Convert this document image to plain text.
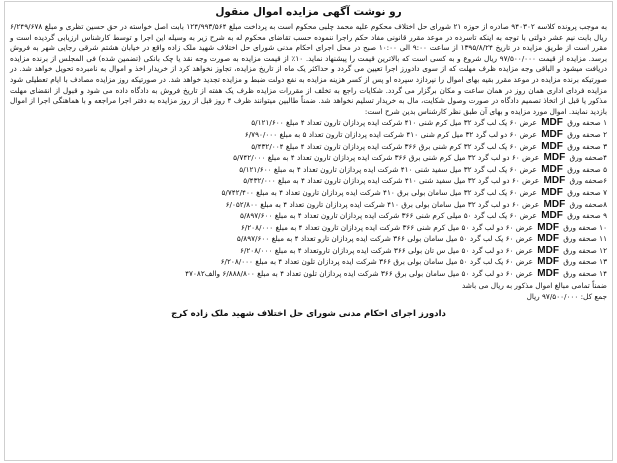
رو نوشت آگهی مزایده اموال منقول

به موجب پرونده کلاسه ۹۴۰۳۰۲ صادره از حوزه ۲۱ شورای حل اختلاف محکوم علیه محمد چلبی محکوم است به پرداخت مبلغ ۱۲۴/۹۹۳/۵۶۴ بابت اصل خواسته در حق حسین تظری و مبلغ ۶/۲۴۹/۶۷۸ ریال بابت نیم عشر دولتی با توجه به اینکه تاسرده در موعد مقرر قانونی مفاد حکم راجرا ننموده حسب تقاضای محکوم له به شرح زیر به وسیله این اجرا و توسط کارشناس ارزیابی گردیده است و مقرر است از طریق مزایده در تاریخ ۱۳۹۵/۸/۲۴ از ساعت ۹:۰۰ الی ۱۰:۰۰ صبح در محل اجرای احکام مدنی شورای حل اختلاف شهید ملک زاده واقع در خیابان هشتم شرقی رجایی شهر به فروش برسد. مزایده از قیمت ۹۷/۵۰۰/۰۰۰ ریال شروع و به کسی است که بالاترین قیمت را پیشنهاد نماید. ۱۰٪ از قیمت مزایده به صورت وجه نقد یا چک بانکی (تضمین شده) فی المجلس از برنده مزایده دریافت میشود و الباقی وجه مزایده ظرف مهلت که از سوی دادورز اجرا تعیین می گردد و حداکثر یک ماه از تاریخ مزایده، تجاوز نخواهد کرد از خریدار اخذ و اموال به نامبرده تحویل خواهد شد. در صورتیکه برنده مزایده در موعد مقرر بقیه بهای اموال را نپردازد سپرده او پس از کسر هزینه مزایده به نفع دولت ضبط و مزایده تجدید خواهد شد. در صورتیکه روز مزایده مصادف با ایام تعطیلی شود مزایده فردای اداری همان روز در همان ساعت و مکان برگزار می گردد. شکایات راجع به تخلف از مقررات مزایده ظرف یک هفته از تاریخ فروش به دادگاه داده می شود و قبول از انقضای مهلت مذکور یا قبل از اتخاذ تصمیم دادگاه در صورت وصول شکایت، مال به خریدار تسلیم نخواهد شد. ضمناً طالبین میتوانند ظرف ۴ روز قبل از روز مزایده به دفتر اجرا مراجعه و با هماهنگی اجرا از اموال بازدید نمایند. اموال مورد مزایده و بهای آن طبق نظر کارشناس بدین شرح است:

۱ صحفه ورق MDF عرض ۶۰ یک لب گرد ۳۲ میل کرم شنی ۴۱۰ شرکت ایده پردازان تارون تعداد ۴ مبلغ ۵/۱۲۱/۶۰۰
۲ صحفه ورق MDF عرض ۶۰ دو لب گرد ۳۲ میل کرم شنی ۴۱۰ شرکت ایده پردازان تارون تعداد ۵ به مبلغ ۶/۷۹۰/۰۰۰
۳ صحفه ورق MDF عرض ۶۰ یک لب گرد ۳۲ کرم شنی برق ۳۶۶ شرکت ایده پردازان تارون تعداد ۴ مبلغ ۵/۴۳۲/۰۰۴
۴صحفه ورق MDF عرض ۶۰ دو لب گرد ۳۲ میل کرم شنی برق ۳۶۶ شرکت ایده پردازان تارون تعداد ۴ به مبلغ ۵/۷۴۲/۰۰۰
۵ صحفه ورق MDF عرض ۶۰ یک لب گرد ۳۲ میل سفید شنی ۴۱۰ شرکت ایده پردازان تارون تعداد ۴ به مبلغ ۵/۱۲۱/۶۰۰
۶صحفه ورق MDF عرض ۶۰ دو لب گرد ۳۲ میل سفید شنی ۴۱۰ شرکت ایده پردازان تارون تعداد ۴ به مبلغ ۵/۴۳۲/۰۰۰
۷ صحفه ورق MDF عرض ۶۰ یک لب گرد ۳۲ میل سامان بولی برق ۴۱۰ شرکت ایده پردازان تارون تعداد ۴ به مبلغ ۵/۷۴۲/۴۰۰
۸صحفه ورق MDF عرض ۶۰ دو لب گرد ۳۲ میل سامان بولی برق ۴۱۰ شرکت ایده پردازان تارون تعداد ۴ به مبلغ ۶/۰۵۲/۸۰۰
۹ صحفه ورق MDF عرض ۶۰ یک لب گرد ۵۰ میلی کرم شنی ۳۶۶ شرکت ایده پردازان تارون تعداد ۴ به مبلغ ۵/۸۹۷/۶۰۰
۱۰ صحفه ورق MDF عرض ۶۰ دو لب گرد ۵۰ میل کرم شنی ۳۶۶ شرکت ایده پردازان تارون تعداد ۴ به مبلغ ۶/۲۰۸/۰۰۰
۱۱ صحفه ورق MDF عرض ۶۰ یک لب گرد ۵۰ میل سامان بولی ۳۶۶ شرکت ایده پردازان تارو تعداد ۴ به مبلغ ۵/۸۹۷/۶۰۰
۱۲ صحفه ورق MDF عرض ۶۰ دو لب گرد ۵۰ میل س تان بولی ۳۶۶ شرکت ایده پردازان تاروتعداد ۴ به مبلغ ۶/۲۰۸/۰۰۰
۱۳ صحفه ورق MDF عرض ۶۰ یک لب گرد ۵۰ میل سامان بولی برق ۳۶۶ شرکت ایده پردازان تلون تعداد ۴ به مبلغ ۶/۲۰۸/۰۰۰
۱۴ صحفه ورق MDF عرض ۶۰ دو لب گرد ۵۰ میل سامان بولی برق ۳۶۶ شرکت ایده پردازان تلون تعداد ۴ به مبلغ ۶/۸۸۸/۸۰۰ والف۴۷۰۸۲
ضمناً تمامی مبالغ اموال مذکور به ریال می باشد
جمع کل: ۹۷/۵۰۰/۰۰۰ ریال
دادورز اجرای احکام مدنی شورای حل اختلاف شهید ملک زاده کرج
